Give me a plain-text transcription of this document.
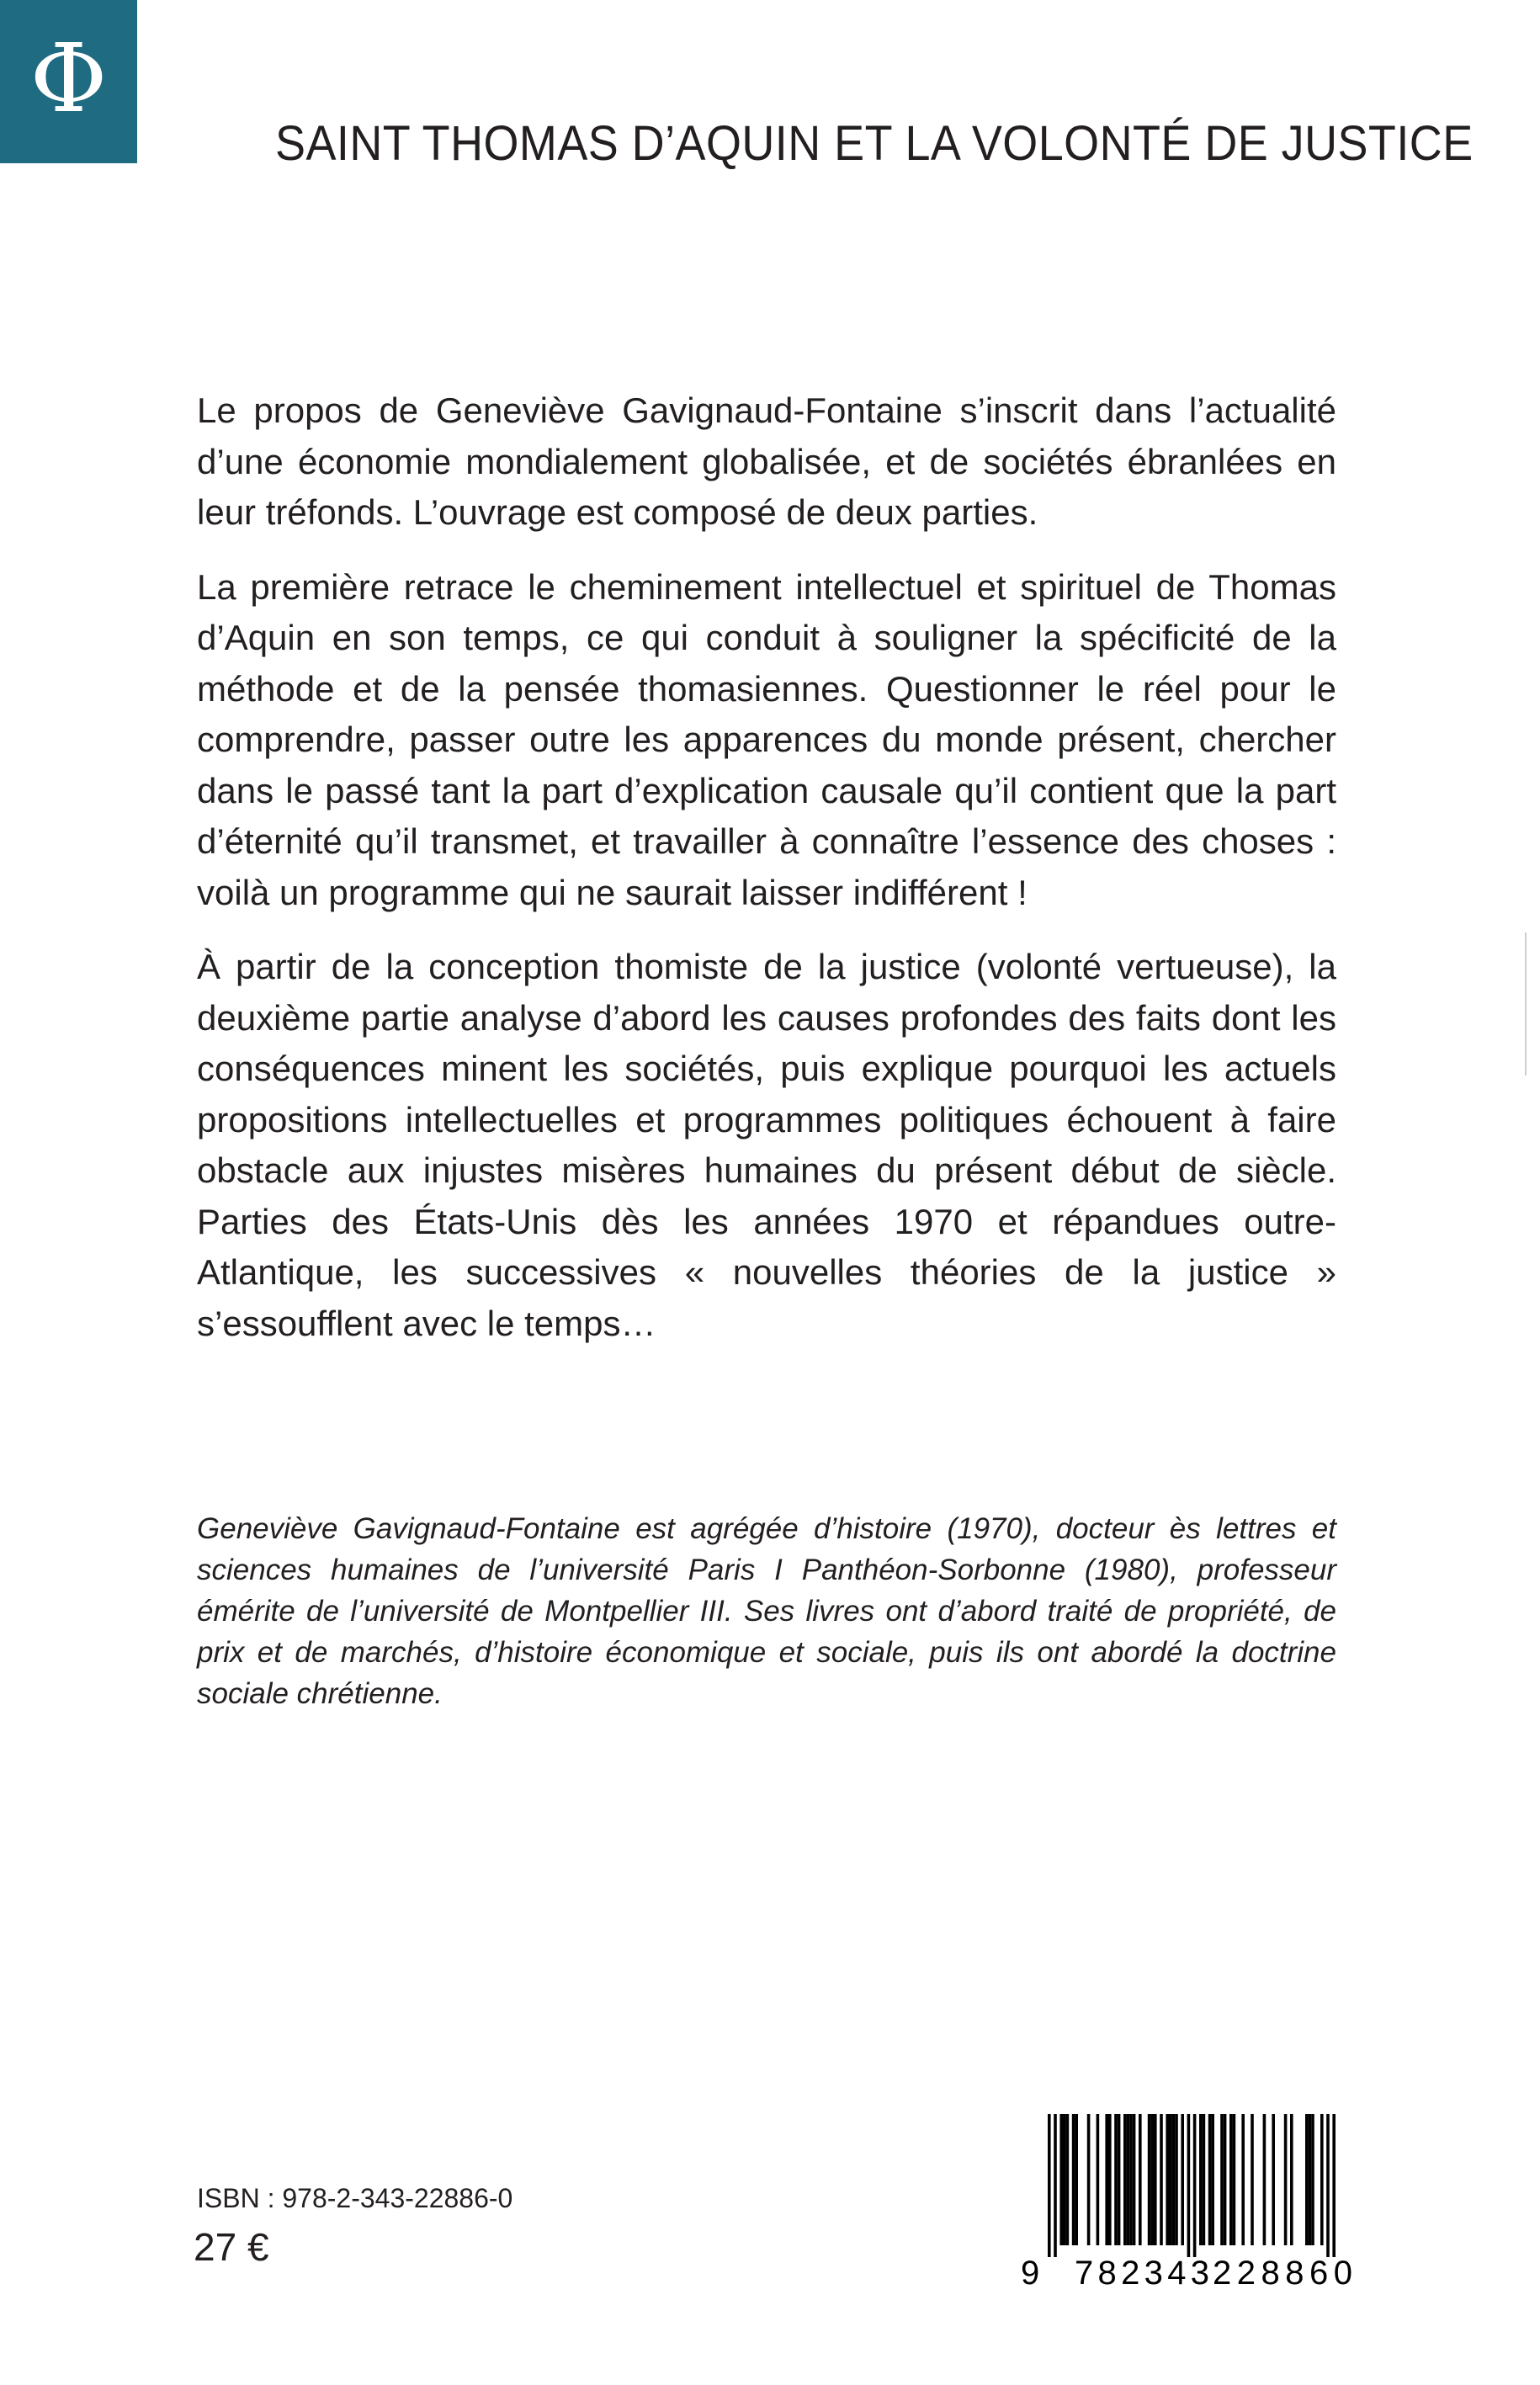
Φ
SAINT THOMAS D’AQUIN ET LA VOLONTÉ DE JUSTICE

Le propos de Geneviève Gavignaud-Fontaine s’inscrit dans l’actualité d’une économie mondialement globalisée, et de sociétés ébranlées en leur tréfonds. L’ouvrage est composé de deux parties.

La première retrace le cheminement intellectuel et spirituel de Thomas d’Aquin en son temps, ce qui conduit à souligner la spécificité de la méthode et de la pensée thomasiennes. Questionner le réel pour le comprendre, passer outre les apparences du monde présent, chercher dans le passé tant la part d’explication causale qu’il contient que la part d’éternité qu’il transmet, et travailler à connaître l’essence des choses : voilà un programme qui ne saurait laisser indifférent !

À partir de la conception thomiste de la justice (volonté vertueuse), la deuxième partie analyse d’abord les causes profondes des faits dont les conséquences minent les sociétés, puis explique pourquoi les actuels propositions intellectuelles et programmes politiques échouent à faire obstacle aux injustes misères humaines du présent début de siècle. Parties des États-Unis dès les années 1970 et répandues outre-Atlantique, les successives « nouvelles théories de la justice » s’essoufflent avec le temps…

Geneviève Gavignaud-Fontaine est agrégée d’histoire (1970), docteur ès lettres et sciences humaines de l’université Paris I Panthéon-Sorbonne (1980), professeur émérite de l’université de Montpellier III. Ses livres ont d’abord traité de propriété, de prix et de marchés, d’histoire économique et sociale, puis ils ont abordé la doctrine sociale chrétienne.

ISBN : 978-2-343-22886-0

27 €

9 782343 228860
